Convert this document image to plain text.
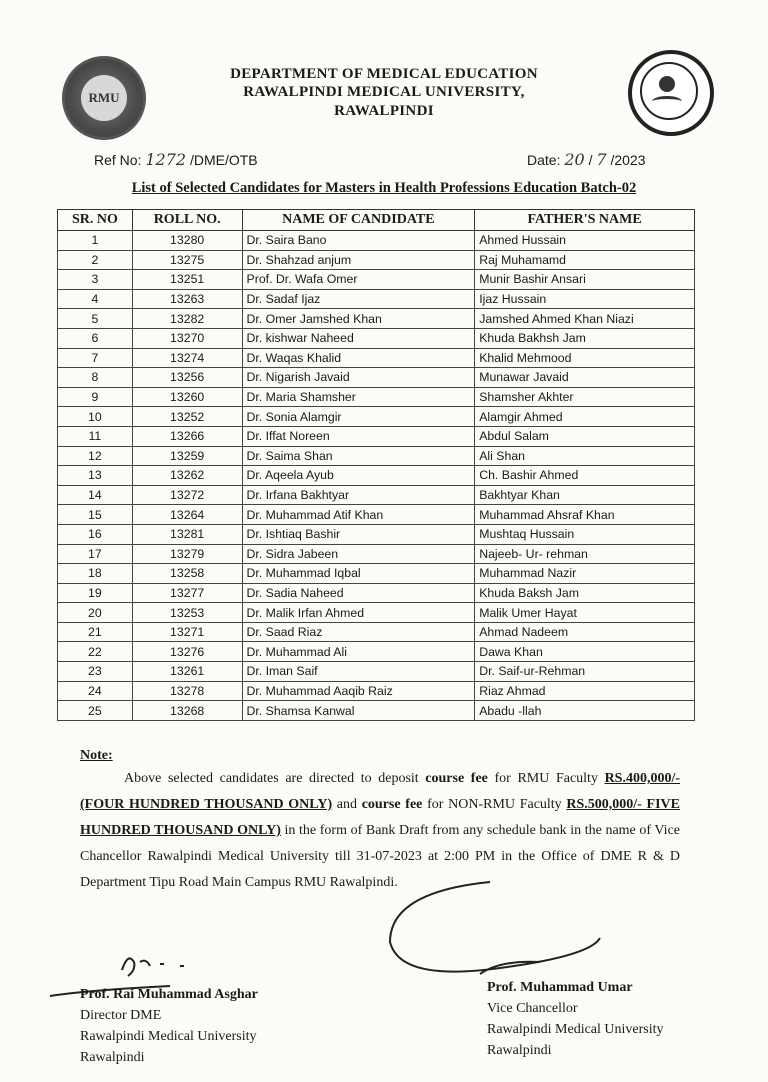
RMU
DEPARTMENT OF MEDICAL EDUCATION
RAWALPINDI MEDICAL UNIVERSITY,
RAWALPINDI
Ref No: 1272 /DME/OTB	Date: 20 / 7 /2023
List of Selected Candidates for Masters in Health Professions Education Batch-02
SR. NO	ROLL NO.	NAME OF CANDIDATE	FATHER'S NAME
1	13280	Dr. Saira Bano	Ahmed Hussain
2	13275	Dr. Shahzad anjum	Raj Muhamamd
3	13251	Prof. Dr. Wafa Omer	Munir Bashir Ansari
4	13263	Dr. Sadaf Ijaz	Ijaz Hussain
5	13282	Dr. Omer Jamshed Khan	Jamshed Ahmed Khan Niazi
6	13270	Dr. kishwar Naheed	Khuda Bakhsh Jam
7	13274	Dr. Waqas Khalid	Khalid Mehmood
8	13256	Dr. Nigarish Javaid	Munawar Javaid
9	13260	Dr. Maria Shamsher	Shamsher Akhter
10	13252	Dr. Sonia Alamgir	Alamgir Ahmed
11	13266	Dr. Iffat Noreen	Abdul Salam
12	13259	Dr. Saima Shan	Ali Shan
13	13262	Dr. Aqeela Ayub	Ch. Bashir Ahmed
14	13272	Dr. Irfana Bakhtyar	Bakhtyar Khan
15	13264	Dr. Muhammad Atif Khan	Muhammad Ahsraf Khan
16	13281	Dr. Ishtiaq Bashir	Mushtaq Hussain
17	13279	Dr. Sidra Jabeen	Najeeb- Ur- rehman
18	13258	Dr. Muhammad Iqbal	Muhammad Nazir
19	13277	Dr. Sadia Naheed	Khuda Baksh Jam
20	13253	Dr. Malik Irfan Ahmed	Malik Umer Hayat
21	13271	Dr. Saad Riaz	Ahmad Nadeem
22	13276	Dr. Muhammad Ali	Dawa Khan
23	13261	Dr. Iman Saif	Dr. Saif-ur-Rehman
24	13278	Dr. Muhammad Aaqib Raiz	Riaz Ahmad
25	13268	Dr. Shamsa Kanwal	Abadu -llah
Note:
Above selected candidates are directed to deposit course fee for RMU Faculty RS.400,000/- (FOUR HUNDRED THOUSAND ONLY) and course fee for NON-RMU Faculty RS.500,000/- FIVE HUNDRED THOUSAND ONLY) in the form of Bank Draft from any schedule bank in the name of Vice Chancellor Rawalpindi Medical University till 31-07-2023 at 2:00 PM in the Office of DME R & D Department Tipu Road Main Campus RMU Rawalpindi.
Prof. Rai Muhammad Asghar
Director DME
Rawalpindi Medical University
Rawalpindi
Prof. Muhammad Umar
Vice Chancellor
Rawalpindi Medical University
Rawalpindi
